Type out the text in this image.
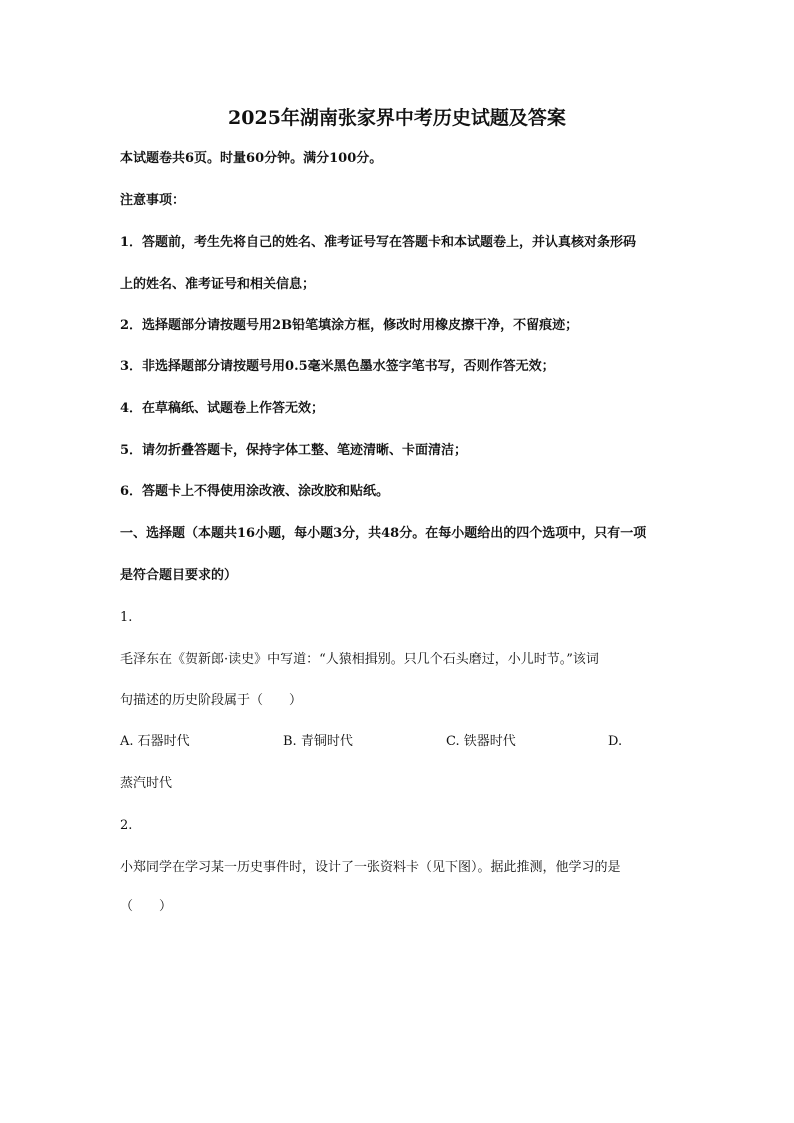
2025年湖南张家界中考历史试题及答案
本试题卷共6页。时量60分钟。满分100分。
注意事项：
1．答题前，考生先将自己的姓名、准考证号写在答题卡和本试题卷上，并认真核对条形码
上的姓名、准考证号和相关信息；
2．选择题部分请按题号用2B铅笔填涂方框，修改时用橡皮擦干净，不留痕迹；
3．非选择题部分请按题号用0.5毫米黑色墨水签字笔书写，否则作答无效；
4．在草稿纸、试题卷上作答无效；
5．请勿折叠答题卡，保持字体工整、笔迹清晰、卡面清洁；
6．答题卡上不得使用涂改液、涂改胶和贴纸。
一、选择题（本题共16小题，每小题3分，共48分。在每小题给出的四个选项中，只有一项
是符合题目要求的）
1.
毛泽东在《贺新郎·读史》中写道：“人猿相揖别。只几个石头磨过，小儿时节。”该词
句描述的历史阶段属于（　　）
A. 石器时代	B. 青铜时代	C. 铁器时代	D.
蒸汽时代
2.
小郑同学在学习某一历史事件时，设计了一张资料卡（见下图）。据此推测，他学习的是
（　　）
